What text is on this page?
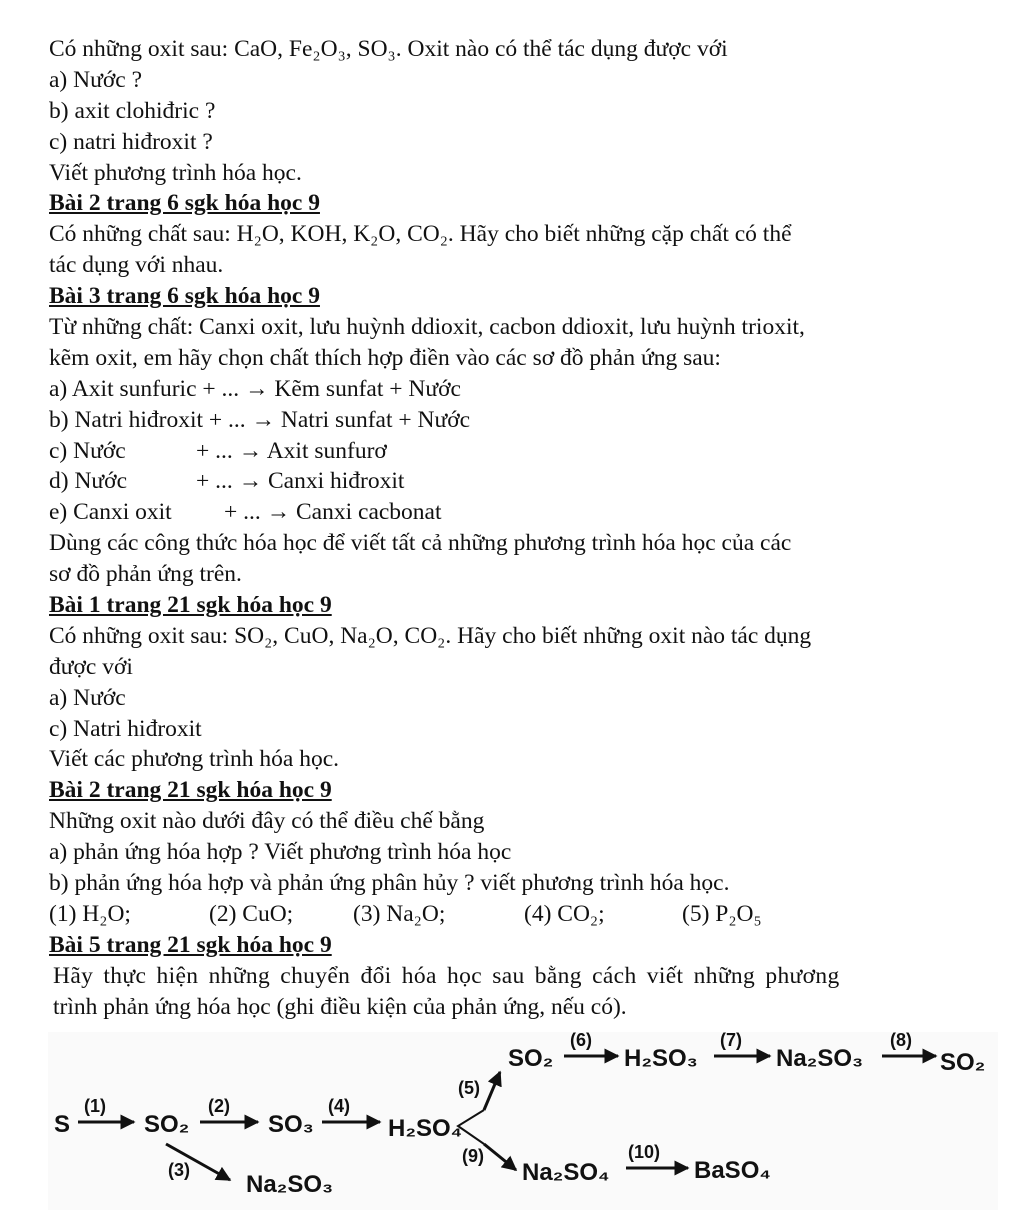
Có những oxit sau: CaO, Fe₂O₃, SO₃. Oxit nào có thể tác dụng được với
a) Nước ?
b) axit clohiđric ?
c) natri hiđroxit ?
Viết phương trình hóa học.
Bài 2 trang 6 sgk hóa học 9
Có những chất sau: H₂O, KOH, K₂O, CO₂. Hãy cho biết những cặp chất có thể
tác dụng với nhau.
Bài 3 trang 6 sgk hóa học 9
Từ những chất: Canxi oxit, lưu huỳnh ddioxit, cacbon ddioxit, lưu huỳnh trioxit,
kẽm oxit, em hãy chọn chất thích hợp điền vào các sơ đồ phản ứng sau:
a) Axit sunfuric + ... → Kẽm sunfat + Nước
b) Natri hiđroxit + ... → Natri sunfat + Nước
c) Nước	+ ... → Axit sunfurơ
d) Nước	+ ... → Canxi hiđroxit
e) Canxi oxit + ... → Canxi cacbonat
Dùng các công thức hóa học để viết tất cả những phương trình hóa học của các
sơ đồ phản ứng trên.
Bài 1 trang 21 sgk hóa học 9
Có những oxit sau: SO₂, CuO, Na₂O, CO₂. Hãy cho biết những oxit nào tác dụng
được với
a) Nước
c) Natri hiđroxit
Viết các phương trình hóa học.
Bài 2 trang 21 sgk hóa học 9
Những oxit nào dưới đây có thể điều chế bằng
a) phản ứng hóa hợp ? Viết phương trình hóa học
b) phản ứng hóa hợp và phản ứng phân hủy ? viết phương trình hóa học.
(1) H₂O;	(2) CuO;	(3) Na₂O;	(4) CO₂;	(5) P₂O₅
Bài 5 trang 21 sgk hóa học 9
Hãy thực hiện những chuyển đổi hóa học sau bằng cách viết những phương
trình phản ứng hóa học (ghi điều kiện của phản ứng, nếu có).
S
(1)
SO₂
(2)
SO₃
(4)
H₂SO₄
(3)
Na₂SO₃
(5)
(9)
SO₂
(6)
H₂SO₃
(7)
Na₂SO₃
(8)
SO₂
Na₂SO₄
(10)
BaSO₄
